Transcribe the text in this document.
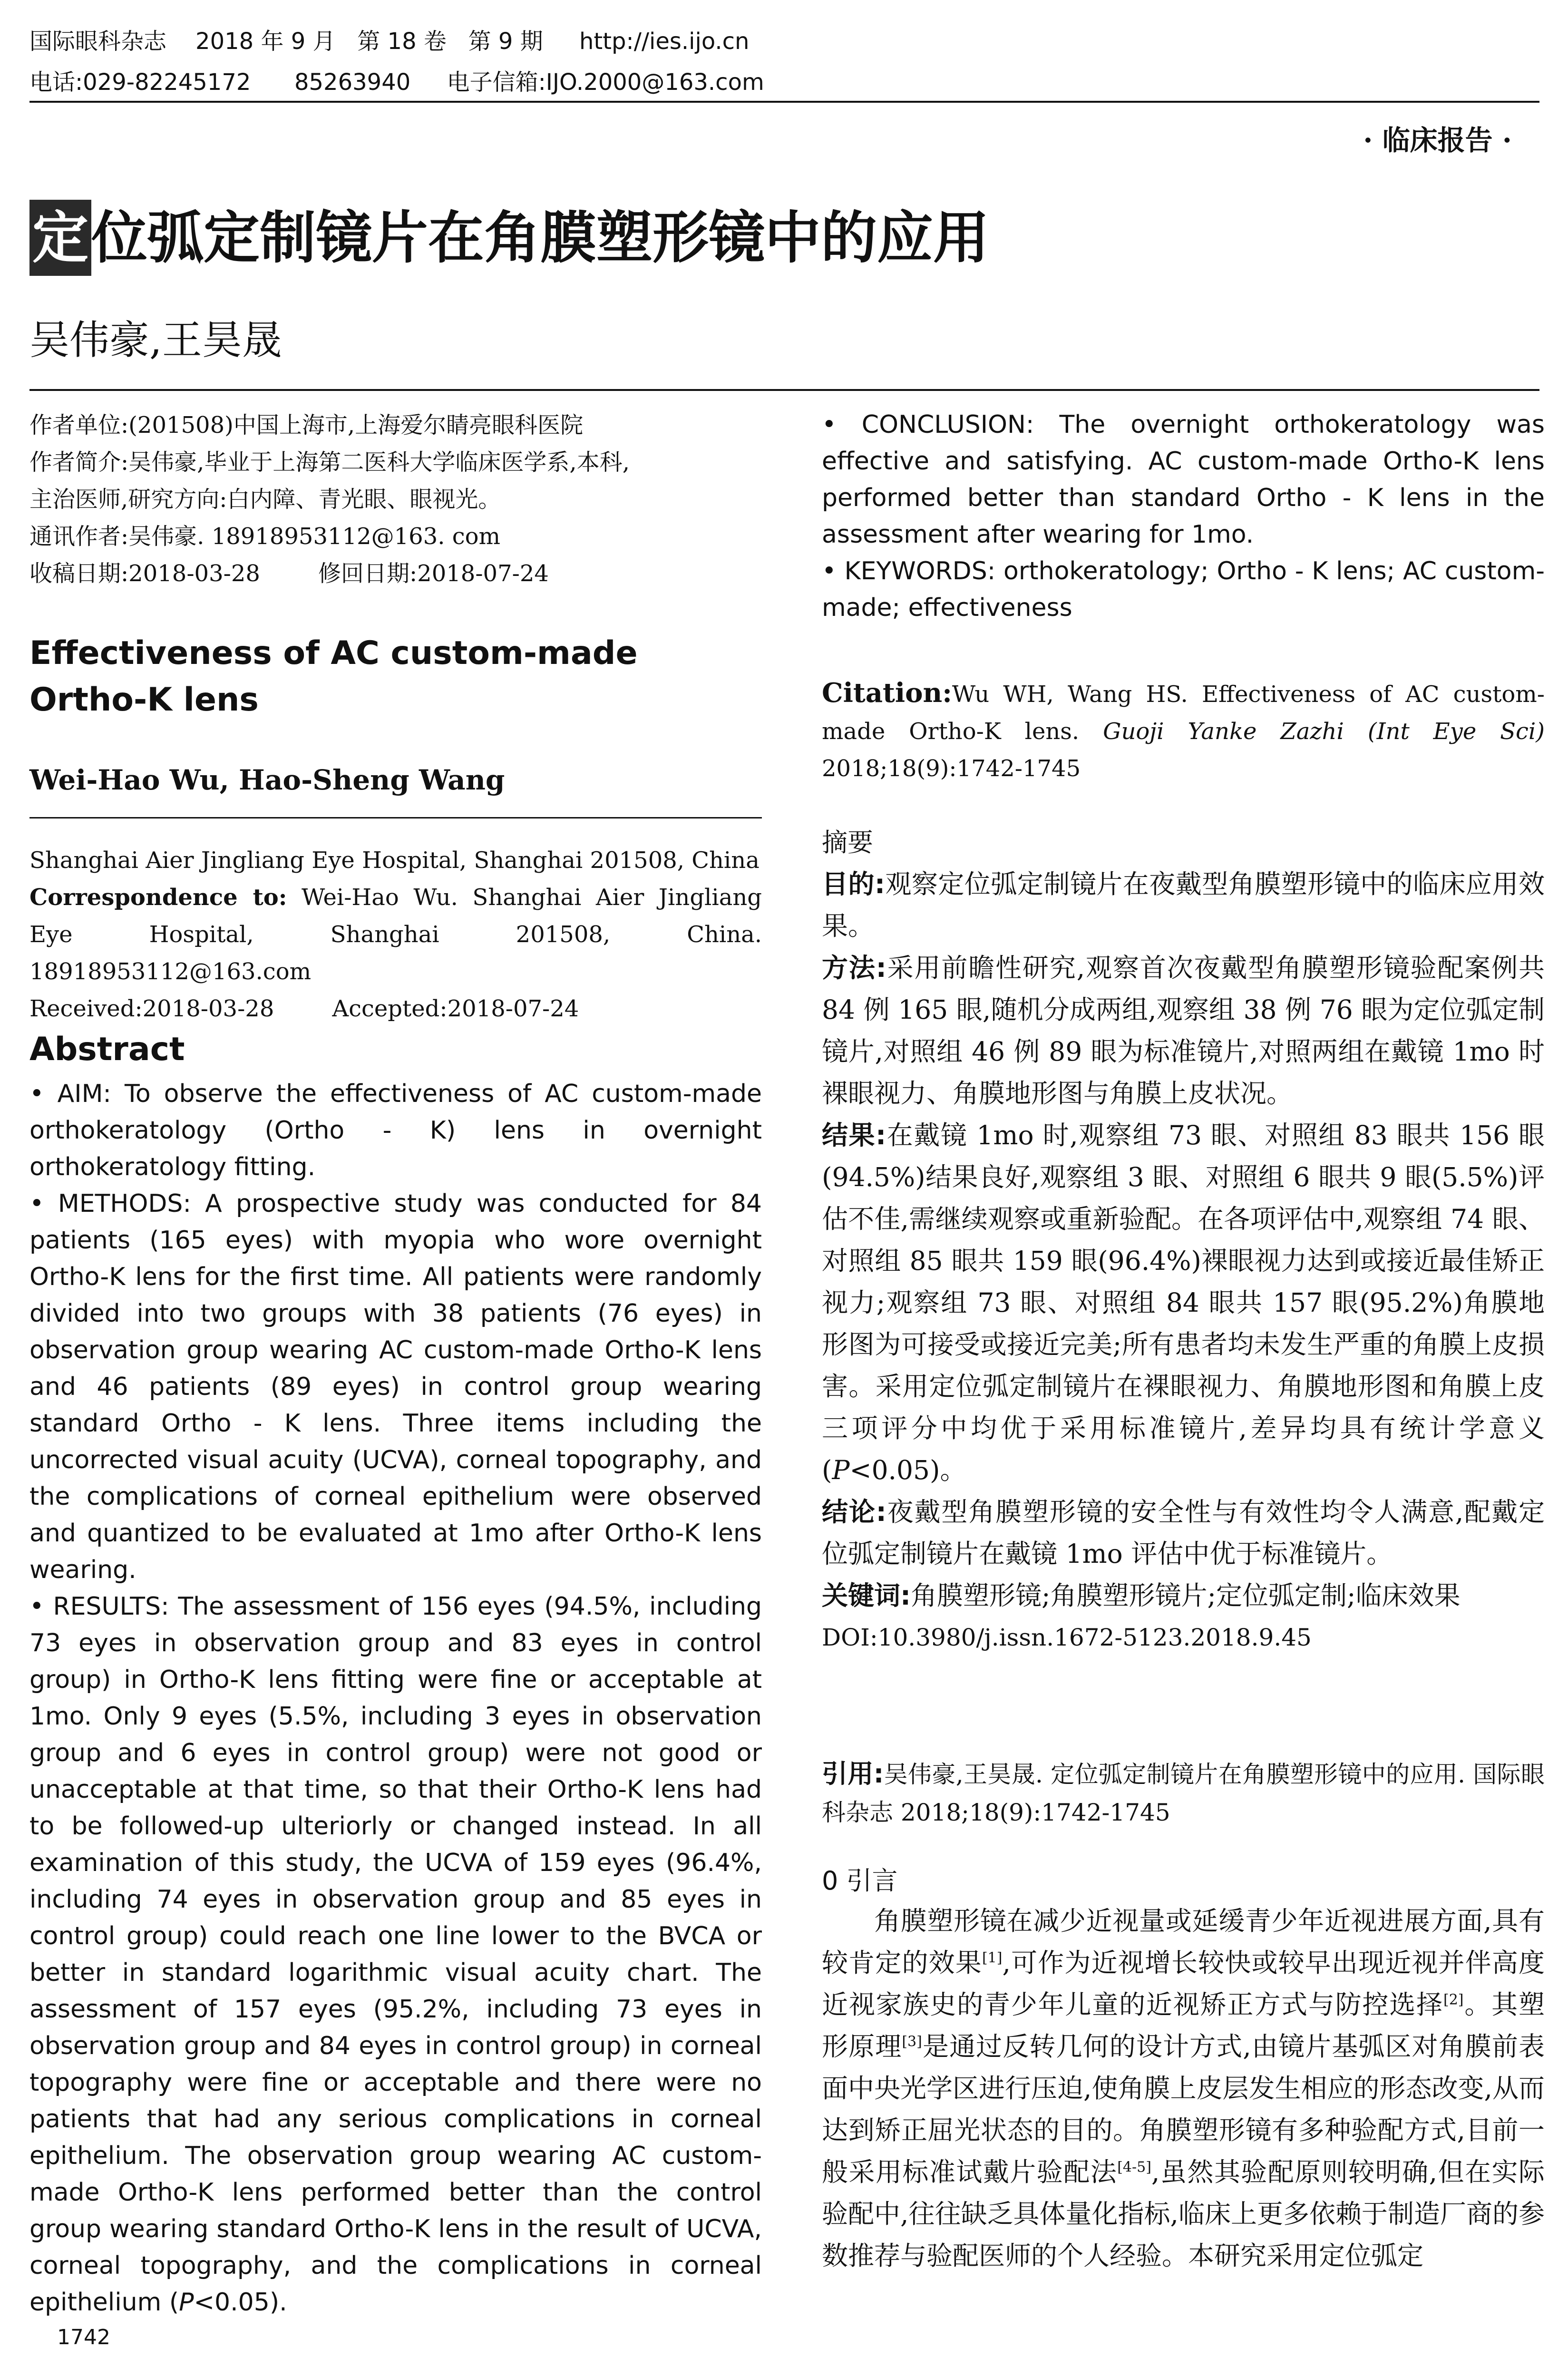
国际眼科杂志    2018 年 9 月   第 18 卷   第 9 期     http://ies.ijo.cn
电话:029-82245172      85263940     电子信箱:IJO.2000@163.com
· 临床报告 ·
定位弧定制镜片在角膜塑形镜中的应用
吴伟豪,王昊晟
作者单位:(201508)中国上海市,上海爱尔睛亮眼科医院
作者简介:吴伟豪,毕业于上海第二医科大学临床医学系,本科,
主治医师,研究方向:白内障、青光眼、眼视光。
通讯作者:吴伟豪. 18918953112@163. com
收稿日期:2018-03-28        修回日期:2018-07-24
Effectiveness of AC custom-made Ortho-K lens
Wei-Hao Wu, Hao-Sheng Wang
Shanghai Aier Jingliang Eye Hospital, Shanghai 201508, China
Correspondence to: Wei-Hao Wu. Shanghai Aier Jingliang Eye Hospital, Shanghai 201508, China. 18918953112@163.com
Received:2018-03-28        Accepted:2018-07-24
Abstract

• AIM: To observe the effectiveness of AC custom-made orthokeratology (Ortho - K) lens in overnight orthokeratology fitting.

• METHODS: A prospective study was conducted for 84 patients (165 eyes) with myopia who wore overnight Ortho-K lens for the first time. All patients were randomly divided into two groups with 38 patients (76 eyes) in observation group wearing AC custom-made Ortho-K lens and 46 patients (89 eyes) in control group wearing standard Ortho - K lens. Three items including the uncorrected visual acuity (UCVA), corneal topography, and the complications of corneal epithelium were observed and quantized to be evaluated at 1mo after Ortho-K lens wearing.

• RESULTS: The assessment of 156 eyes (94.5%, including 73 eyes in observation group and 83 eyes in control group) in Ortho-K lens fitting were fine or acceptable at 1mo. Only 9 eyes (5.5%, including 3 eyes in observation group and 6 eyes in control group) were not good or unacceptable at that time, so that their Ortho-K lens had to be followed-up ulteriorly or changed instead. In all examination of this study, the UCVA of 159 eyes (96.4%, including 74 eyes in observation group and 85 eyes in control group) could reach one line lower to the BVCA or better in standard logarithmic visual acuity chart. The assessment of 157 eyes (95.2%, including 73 eyes in observation group and 84 eyes in control group) in corneal topography were fine or acceptable and there were no patients that had any serious complications in corneal epithelium. The observation group wearing AC custom-made Ortho-K lens performed better than the control group wearing standard Ortho-K lens in the result of UCVA, corneal topography, and the complications in corneal epithelium (P<0.05).

1742

• CONCLUSION: The overnight orthokeratology was effective and satisfying. AC custom-made Ortho-K lens performed better than standard Ortho - K lens in the assessment after wearing for 1mo.

• KEYWORDS: orthokeratology; Ortho - K lens; AC custom-made; effectiveness

Citation:Wu WH, Wang HS. Effectiveness of AC custom-made Ortho-K lens. Guoji Yanke Zazhi (Int Eye Sci) 2018;18(9):1742-1745
摘要

目的:观察定位弧定制镜片在夜戴型角膜塑形镜中的临床应用效果。

方法:采用前瞻性研究,观察首次夜戴型角膜塑形镜验配案例共 84 例 165 眼,随机分成两组,观察组 38 例 76 眼为定位弧定制镜片,对照组 46 例 89 眼为标准镜片,对照两组在戴镜 1mo 时裸眼视力、角膜地形图与角膜上皮状况。

结果:在戴镜 1mo 时,观察组 73 眼、对照组 83 眼共 156 眼(94.5%)结果良好,观察组 3 眼、对照组 6 眼共 9 眼(5.5%)评估不佳,需继续观察或重新验配。在各项评估中,观察组 74 眼、对照组 85 眼共 159 眼(96.4%)裸眼视力达到或接近最佳矫正视力;观察组 73 眼、对照组 84 眼共 157 眼(95.2%)角膜地形图为可接受或接近完美;所有患者均未发生严重的角膜上皮损害。采用定位弧定制镜片在裸眼视力、角膜地形图和角膜上皮三项评分中均优于采用标准镜片,差异均具有统计学意义(P<0.05)。

结论:夜戴型角膜塑形镜的安全性与有效性均令人满意,配戴定位弧定制镜片在戴镜 1mo 评估中优于标准镜片。

关键词:角膜塑形镜;角膜塑形镜片;定位弧定制;临床效果

DOI:10.3980/j.issn.1672-5123.2018.9.45

引用:吴伟豪,王昊晟. 定位弧定制镜片在角膜塑形镜中的应用. 国际眼科杂志 2018;18(9):1742-1745
0 引言
角膜塑形镜在减少近视量或延缓青少年近视进展方面,具有较肯定的效果[1],可作为近视增长较快或较早出现近视并伴高度近视家族史的青少年儿童的近视矫正方式与防控选择[2]。其塑形原理[3]是通过反转几何的设计方式,由镜片基弧区对角膜前表面中央光学区进行压迫,使角膜上皮层发生相应的形态改变,从而达到矫正屈光状态的目的。角膜塑形镜有多种验配方式,目前一般采用标准试戴片验配法[4-5],虽然其验配原则较明确,但在实际验配中,往往缺乏具体量化指标,临床上更多依赖于制造厂商的参数推荐与验配医师的个人经验。本研究采用定位弧定
